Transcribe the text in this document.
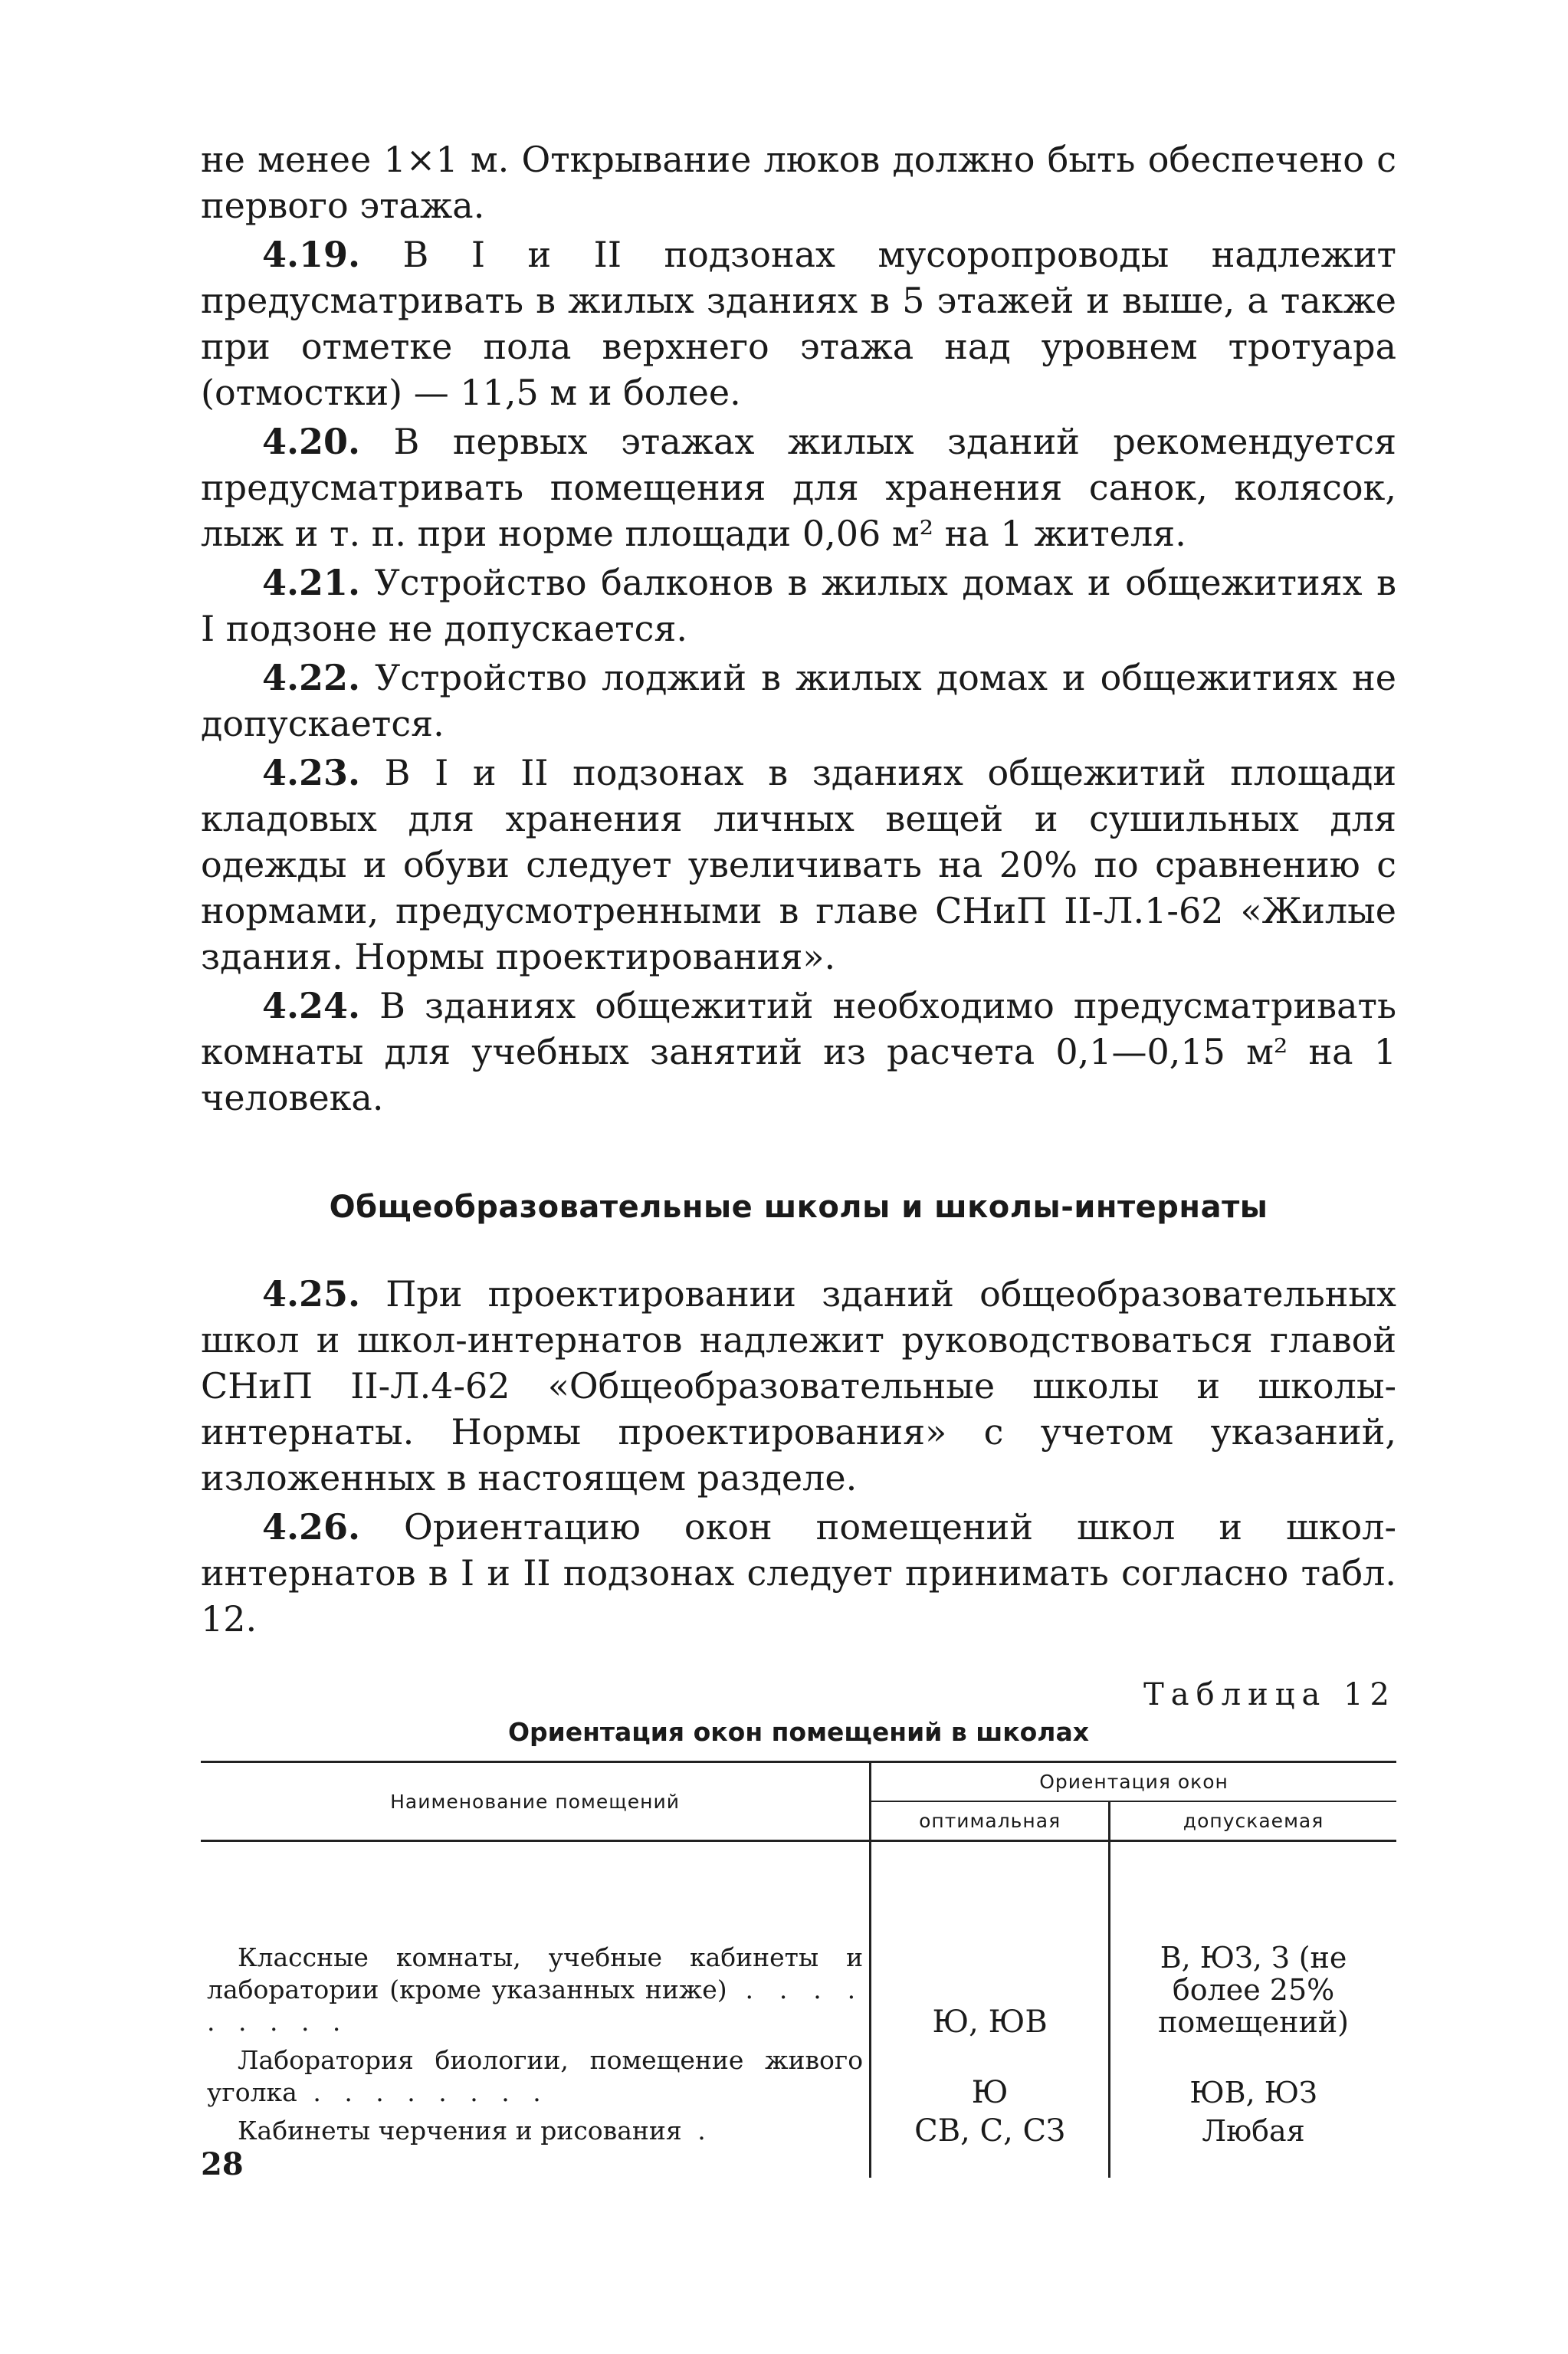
не менее 1×1 м. Открывание люков должно быть обеспечено с первого этажа.

4.19. В I и II подзонах мусоропроводы надлежит предусматривать в жилых зданиях в 5 этажей и выше, а также при отметке пола верхнего этажа над уровнем тротуара (отмостки) — 11,5 м и более.

4.20. В первых этажах жилых зданий рекомендуется предусматривать помещения для хранения санок, колясок, лыж и т. п. при норме площади 0,06 м² на 1 жителя.

4.21. Устройство балконов в жилых домах и общежитиях в I подзоне не допускается.

4.22. Устройство лоджий в жилых домах и общежитиях не допускается.

4.23. В I и II подзонах в зданиях общежитий площади кладовых для хранения личных вещей и сушильных для одежды и обуви следует увеличивать на 20% по сравнению с нормами, предусмотренными в главе СНиП II-Л.1-62 «Жилые здания. Нормы проектирования».

4.24. В зданиях общежитий необходимо предусматривать комнаты для учебных занятий из расчета 0,1—0,15 м² на 1 человека.

Общеобразовательные школы и школы-интернаты

4.25. При проектировании зданий общеобразовательных школ и школ-интернатов надлежит руководствоваться главой СНиП II-Л.4-62 «Общеобразовательные школы и школы-интернаты. Нормы проектирования» с учетом указаний, изложенных в настоящем разделе.

4.26. Ориентацию окон помещений школ и школ-интернатов в I и II подзонах следует принимать согласно табл. 12.

Таблица 12
Ориентация окон помещений в школах
Наименование помещений	Ориентация окон	
	оптимальная	допускаемая

Классные комнаты, учебные кабинеты и лаборатории (кроме указанных ниже) . . . . . . . . .	Ю, ЮВ	В, ЮЗ, З (не более 25% помещений)

Лаборатория биологии, помещение живого уголка . . . . . . . .	Ю	ЮВ, ЮЗ

Кабинеты черчения и рисования .	СВ, С, СЗ	Любая
28
